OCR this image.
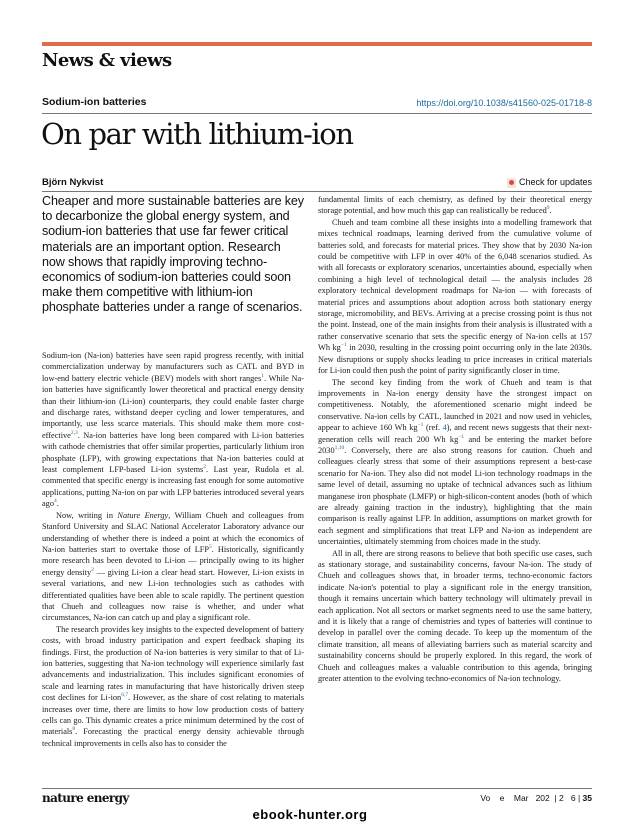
News & views
Sodium-ion batteries	https://doi.org/10.1038/s41560-025-01718-8
On par with lithium-ion
Björn Nykvist	Check for updates
Cheaper and more sustainable batteries are key to decarbonize the global energy system, and sodium-ion batteries that use far fewer critical materials are an important option. Research now shows that rapidly improving techno-economics of sodium-ion batteries could soon make them competitive with lithium-ion phosphate batteries under a range of scenarios.

Sodium-ion (Na-ion) batteries have seen rapid progress recently, with initial commercialization underway by manufacturers such as CATL and BYD in low-end battery electric vehicle (BEV) models with short ranges$^1$. While Na-ion batteries have significantly lower theoretical and practical energy density than their lithium-ion (Li-ion) counterparts, they could enable faster charge and discharge rates, withstand deeper cycling and lower temperatures, and importantly, use less scarce materials. This should make them more cost-effective$^{2,3}$. Na-ion batteries have long been compared with Li-ion batteries with cathode chemistries that offer similar properties, particularly lithium iron phosphate (LFP), with growing expectations that Na-ion batteries could at least complement LFP-based Li-ion systems$^2$. Last year, Rudola et al. commented that specific energy is increasing fast enough for some automotive applications, putting Na-ion on par with LFP batteries introduced several years ago$^4$.

Now, writing in Nature Energy, William Chueh and colleagues from Stanford University and SLAC National Accelerator Laboratory advance our understanding of whether there is indeed a point at which the economics of Na-ion batteries start to overtake those of LFP$^5$. Historically, significantly more research has been devoted to Li-ion — principally owing to its higher energy density$^2$ — giving Li-ion a clear head start. However, Li-ion exists in several variations, and new Li-ion technologies such as cathodes with differentiated qualities have been able to scale rapidly. The pertinent question that Chueh and colleagues now raise is whether, and under what circumstances, Na-ion can catch up and play a significant role.

The research provides key insights to the expected development of battery costs, with broad industry participation and expert feedback shaping its findings. First, the production of Na-ion batteries is very similar to that of Li-ion batteries, suggesting that Na-ion technology will experience similarly fast advancements and industrialization. This includes significant economies of scale and learning rates in manufacturing that have historically driven steep cost declines for Li-ion$^{6,7}$. However, as the share of cost relating to materials increases over time, there are limits to how low production costs of battery cells can go. This dynamic creates a price minimum determined by the cost of materials$^8$. Forecasting the practical energy density achievable through technical improvements in cells also has to consider the

fundamental limits of each chemistry, as defined by their theoretical energy storage potential, and how much this gap can realistically be reduced$^9$.

Chueh and team combine all these insights into a modelling framework that mixes technical roadmaps, learning derived from the cumulative volume of batteries sold, and forecasts for material prices. They show that by 2030 Na-ion could be competitive with LFP in over 40% of the 6,048 scenarios studied. As with all forecasts or exploratory scenarios, uncertainties abound, especially when combining a high level of technological detail — the analysis includes 28 exploratory technical development roadmaps for Na-ion — with forecasts of material prices and assumptions about adoption across both stationary energy storage, micromobility, and BEVs. Arriving at a precise crossing point is thus not the point. Instead, one of the main insights from their analysis is illustrated with a rather conservative scenario that sets the specific energy of Na-ion cells at 157 Wh $kg^{-1}$ in 2030, resulting in the crossing point occurring only in the late 2030s. New disruptions or supply shocks leading to price increases in critical materials for Li-ion could then push the point of parity significantly closer in time.

The second key finding from the work of Chueh and team is that improvements in Na-ion energy density have the strongest impact on competitiveness. Notably, the aforementioned scenario might indeed be conservative. Na-ion cells by CATL, launched in 2021 and now used in vehicles, appear to achieve 160 Wh $kg^{-1}$ (ref. 4), and recent news suggests that their next-generation cells will reach 200 Wh $kg^{-1}$ and be entering the market before 2030$^{1,10}$. Conversely, there are also strong reasons for caution. Chueh and colleagues clearly stress that some of their assumptions represent a best-case scenario for Na-ion. They also did not model Li-ion technology roadmaps in the same level of detail, assuming no uptake of technical advances such as lithium manganese iron phosphate (LMFP) or high-silicon-content anodes (both of which are already gaining traction in the industry), highlighting that the main comparison is really against LFP. In addition, assumptions on market growth for each segment and simplifications that treat LFP and Na-ion as independent are uncertainties, ultimately stemming from choices made in the study.

All in all, there are strong reasons to believe that both specific use cases, such as stationary storage, and sustainability concerns, favour Na-ion. The study of Chueh and colleagues shows that, in broader terms, techno-economic factors indicate Na-ion's potential to play a significant role in the energy transition, though it remains uncertain which battery technology will ultimately prevail in each application. Not all sectors or market segments need to use the same battery, and it is likely that a range of chemistries and types of batteries will continue to develop in parallel over the coming decade. To keep up the momentum of the climate transition, all means of alleviating barriers such as material scarcity and sustainability concerns should be properly explored. In this regard, the work of Chueh and colleagues makes a valuable contribution to this agenda, bringing greater attention to the evolving techno-economics of Na-ion technology.

nature energy	Vo    e    Mar   202  | 2   6 | 35
ebook-hunter.org
